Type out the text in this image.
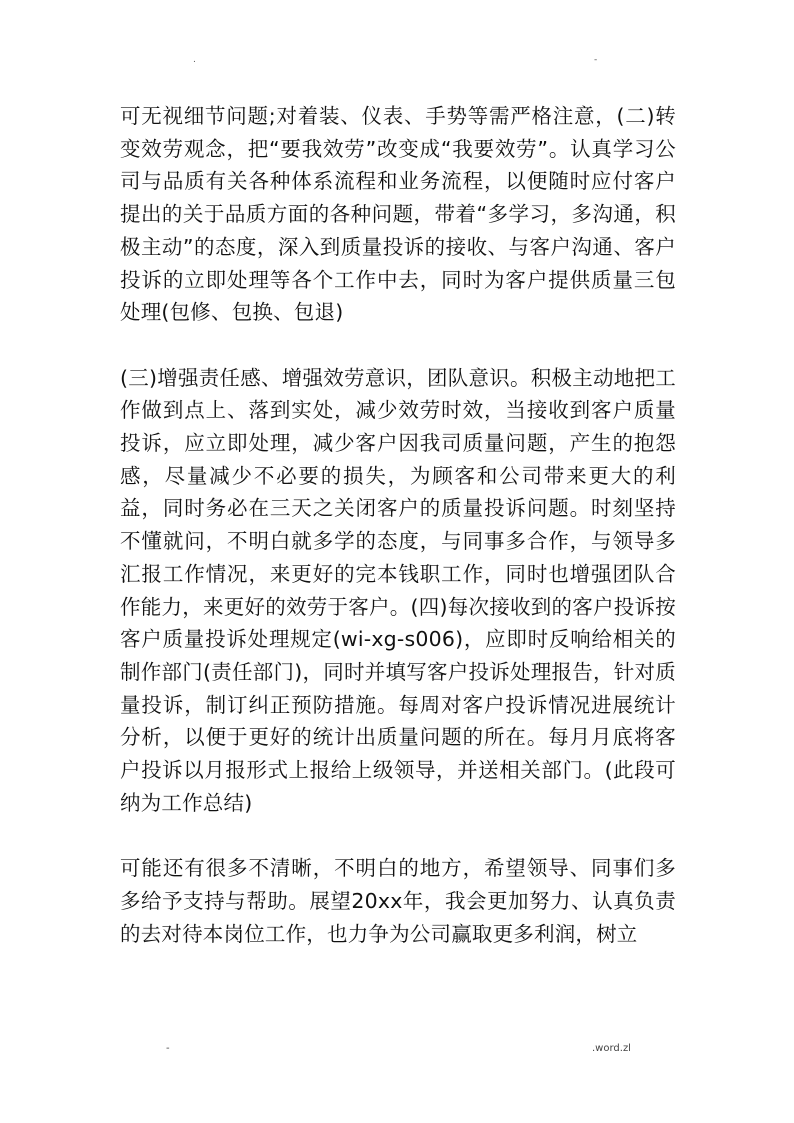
.	-

可无视细节问题;对着装、仪表、手势等需严格注意，(二)转变效劳观念，把“要我效劳”改变成“我要效劳”。认真学习公司与品质有关各种体系流程和业务流程，以便随时应付客户提出的关于品质方面的各种问题，带着“多学习，多沟通，积极主动”的态度，深入到质量投诉的接收、与客户沟通、客户投诉的立即处理等各个工作中去，同时为客户提供质量三包处理(包修、包换、包退)

(三)增强责任感、增强效劳意识，团队意识。积极主动地把工作做到点上、落到实处，减少效劳时效，当接收到客户质量投诉，应立即处理，减少客户因我司质量问题，产生的抱怨感，尽量减少不必要的损失，为顾客和公司带来更大的利益，同时务必在三天之关闭客户的质量投诉问题。时刻坚持不懂就问，不明白就多学的态度，与同事多合作，与领导多汇报工作情况，来更好的完本钱职工作，同时也增强团队合作能力，来更好的效劳于客户。(四)每次接收到的客户投诉按客户质量投诉处理规定(wi-xg-s006)，应即时反响给相关的制作部门(责任部门)，同时并填写客户投诉处理报告，针对质量投诉，制订纠正预防措施。每周对客户投诉情况进展统计分析，以便于更好的统计出质量问题的所在。每月月底将客户投诉以月报形式上报给上级领导，并送相关部门。(此段可纳为工作总结)

可能还有很多不清晰，不明白的地方，希望领导、同事们多多给予支持与帮助。展望20xx年，我会更加努力、认真负责的去对待本岗位工作，也力争为公司赢取更多利润，树立

-	.word.zl
